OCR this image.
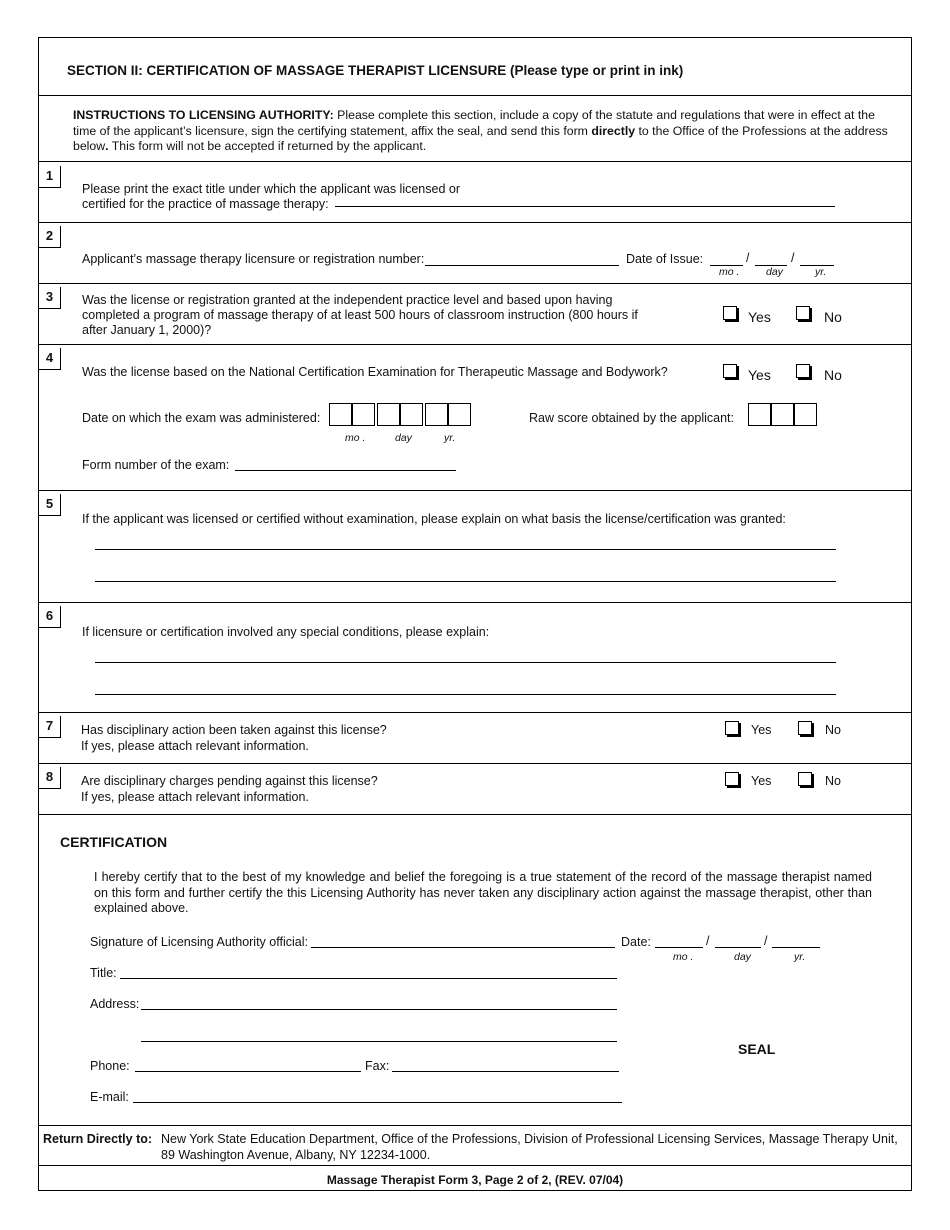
SECTION II: CERTIFICATION OF MASSAGE THERAPIST LICENSURE (Please type or print in ink)
INSTRUCTIONS TO LICENSING AUTHORITY: Please complete this section, include a copy of the statute and regulations that were in effect at the time of the applicant’s licensure, sign the certifying statement, affix the seal, and send this form directly to the Office of the Professions at the address below. This form will not be accepted if returned by the applicant.
1
Please print the exact title under which the applicant was licensed or
certified for the practice of massage therapy:
2
Applicant’s massage therapy licensure or registration number:	Date of Issue:	/	/
mo .	day	yr.
3	Was the license or registration granted at the independent practice level and based upon having
completed a program of massage therapy of at least 500 hours of classroom instruction (800 hours if
after January 1, 2000)?
Yes	No
4
Was the license based on the National Certification Examination for Therapeutic Massage and Bodywork?	Yes	No
Date on which the exam was administered:
mo .	day	yr.
Raw score obtained by the applicant:
Form number of the exam:
5
If the applicant was licensed or certified without examination, please explain on what basis the license/certification was granted:
6
If licensure or certification involved any special conditions, please explain:
7	Has disciplinary action been taken against this license?
If yes, please attach relevant information.
Yes	No
8	Are disciplinary charges pending against this license?
If yes, please attach relevant information.
Yes	No
CERTIFICATION
I hereby certify that to the best of my knowledge and belief the foregoing is a true statement of the record of the massage therapist named on this form and further certify the this Licensing Authority has never taken any disciplinary action against the massage therapist, other than explained above.
Signature of Licensing Authority official:	Date:	/	/
mo .	day	yr.
Title:
Address:
SEAL
Phone:	Fax:
E-mail:
Return Directly to: New York State Education Department, Office of the Professions, Division of Professional Licensing Services, Massage Therapy Unit,
89 Washington Avenue, Albany, NY 12234-1000.
Massage Therapist Form 3, Page 2 of 2, (REV. 07/04)
